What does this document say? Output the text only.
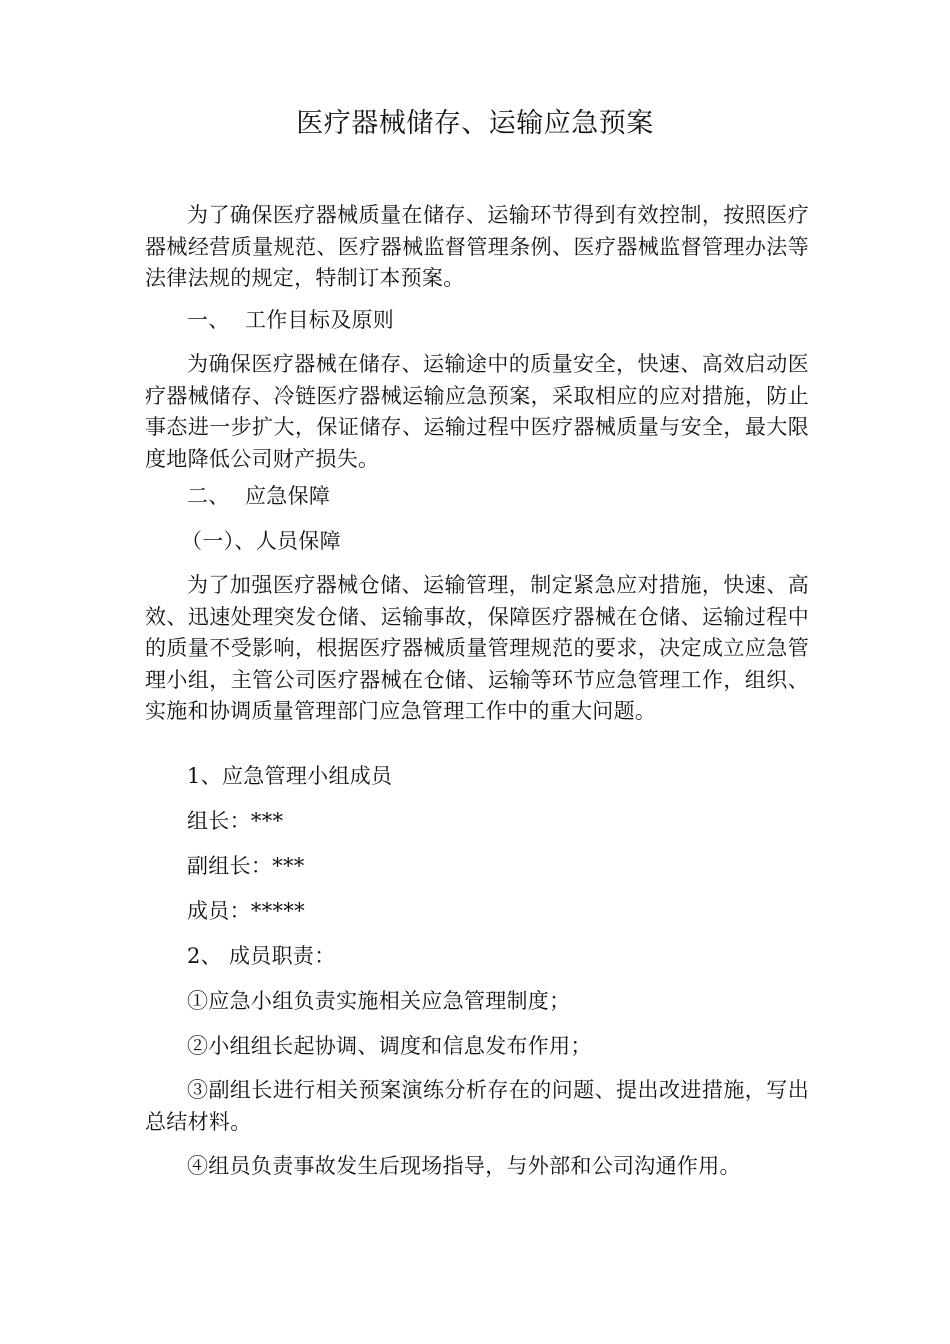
医疗器械储存、运输应急预案

为了确保医疗器械质量在储存、运输环节得到有效控制，按照医疗器械经营质量规范、医疗器械监督管理条例、医疗器械监督管理办法等法律法规的规定，特制订本预案。

一、 工作目标及原则

为确保医疗器械在储存、运输途中的质量安全，快速、高效启动医疗器械储存、冷链医疗器械运输应急预案，采取相应的应对措施，防止事态进一步扩大，保证储存、运输过程中医疗器械质量与安全，最大限度地降低公司财产损失。

二、 应急保障
（一）、人员保障

为了加强医疗器械仓储、运输管理，制定紧急应对措施，快速、高效、迅速处理突发仓储、运输事故，保障医疗器械在仓储、运输过程中的质量不受影响，根据医疗器械质量管理规范的要求，决定成立应急管理小组，主管公司医疗器械在仓储、运输等环节应急管理工作，组织、实施和协调质量管理部门应急管理工作中的重大问题。

1、应急管理小组成员
组长：***
副组长：***
成员：*****
2、 成员职责：
①应急小组负责实施相关应急管理制度；
②小组组长起协调、调度和信息发布作用；

③副组长进行相关预案演练分析存在的问题、提出改进措施，写出总结材料。

④组员负责事故发生后现场指导，与外部和公司沟通作用。
